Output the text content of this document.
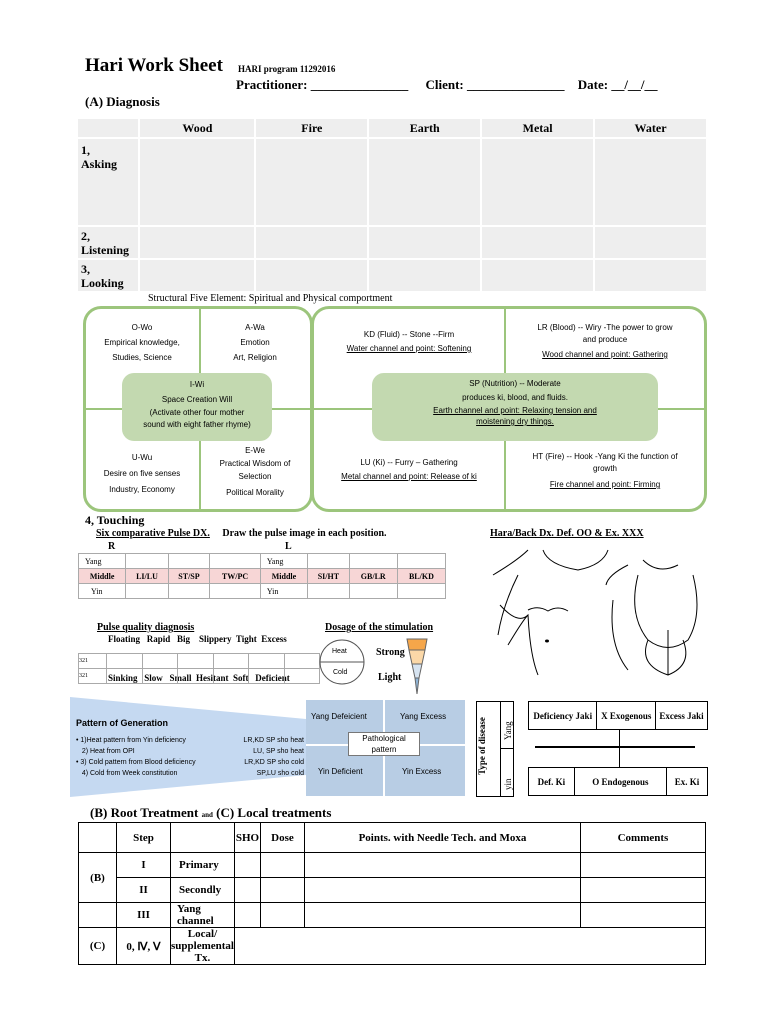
Hari Work Sheet HARI program 11292016
Practitioner: _______________ Client: _______________ Date: __/__/__
(A) Diagnosis
	Wood	Fire	Earth	Metal	Water
1,
Asking					
2,
Listening					
3,
Looking					
Structural Five Element: Spiritual and Physical comportment
O-Wo
Empirical knowledge,
Studies, Science
A-Wa
Emotion
Art, Religion
I-Wi
Space Creation Will
(Activate other four mother
sound with eight father rhyme)
U-Wu
Desire on five senses
Industry, Economy
E-We
Practical Wisdom of
Selection
Political Morality
KD (Fluid) -- Stone --Firm
Water channel and point: Softening
LR (Blood) -- Wiry -The power to grow
and produce
Wood channel and point: Gathering
SP (Nutrition) -- Moderate
produces ki, blood, and fluids.
Earth channel and point: Relaxing tension and
moistening dry things.
LU (Ki) -- Furry – Gathering
Metal channel and point: Release of ki
HT (Fire) -- Hook -Yang Ki the function of
growth
Fire channel and point: Firming
4, Touching
Six comparative Pulse DX. Draw the pulse image in each position.
R	L
Hara/Back Dx. Def. OO & Ex. XXX
Yang				Yang			
Middle	LI/LU	ST/SP	TW/PC	Middle	SI/HT	GB/LR	BL/KD
Yin				Yin			
Pulse quality diagnosis
Floating   Rapid   Big    Slippery  Tight  Excess
Sinking   Slow   Small  Hesitant  Soft   Deficient
321						
321						
Dosage of the stimulation
Heat
Cold
Strong
Light
Pattern of Generation
• 1)Heat pattern from Yin deficiency	LR,KD SP sho heat
2) Heat from OPI	LU, SP sho heat
• 3) Cold pattern from Blood deficiency	LR,KD SP sho cold
4) Cold from Week constitution	SP,LU sho cold
Yang Defeicient	Yang Excess
Yin Deficient	Yin Excess
Pathological pattern	Type of disease Yang
yin
Deficiency Jaki	X Exogenous	Excess Jaki
Def. Ki	O Endogenous	Ex. Ki
(B) Root Treatment and (C) Local treatments
	Step		SHO	Dose	Points. with Needle Tech. and Moxa	Comments
(B)	I	Primary				
	II	Secondly				
	III	Yang channel				
(C)	0, Ⅳ, Ⅴ	Local/ supplemental Tx.				
